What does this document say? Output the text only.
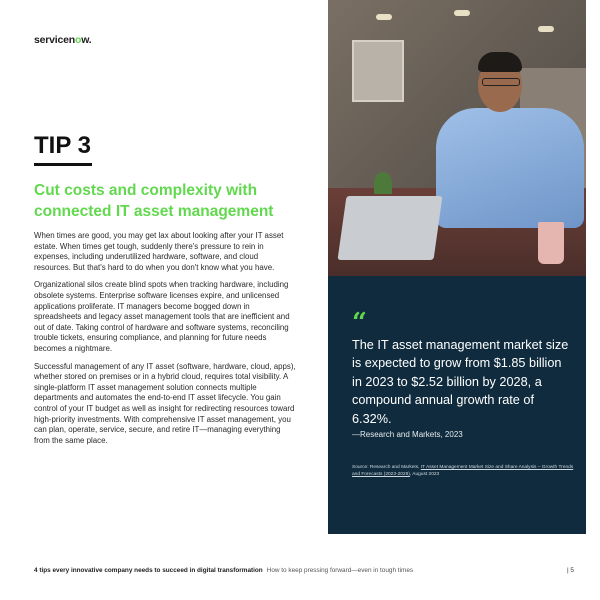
servicenow.
TIP 3
Cut costs and complexity with connected IT asset management

When times are good, you may get lax about looking after your IT asset estate. When times get tough, suddenly there's pressure to rein in expenses, including underutilized hardware, software, and cloud resources. But that's hard to do when you don't know what you have.

Organizational silos create blind spots when tracking hardware, including obsolete systems. Enterprise software licenses expire, and unlicensed applications proliferate. IT managers become bogged down in spreadsheets and legacy asset management tools that are inefficient and out of date. Taking control of hardware and software systems, reconciling trouble tickets, ensuring compliance, and planning for future needs becomes a nightmare.

Successful management of any IT asset (software, hardware, cloud, apps), whether stored on premises or in a hybrid cloud, requires total visibility. A single-platform IT asset management solution connects multiple departments and automates the end-to-end IT asset lifecycle. You gain control of your IT budget as well as insight for redirecting resources toward high-priority investments. With comprehensive IT asset management, you can plan, operate, service, secure, and retire IT—managing everything from the same place.

“

The IT asset management market size is expected to grow from $1.85 billion in 2023 to $2.52 billion by 2028, a compound annual growth rate of 6.32%.

—Research and Markets, 2023
Source: Research and Markets, IT Asset Management Market Size and Share Analysis – Growth Trends and Forecasts (2023-2028), August 2023
4 tips every innovative company needs to succeed in digital transformation How to keep pressing forward—even in tough times	| 5
